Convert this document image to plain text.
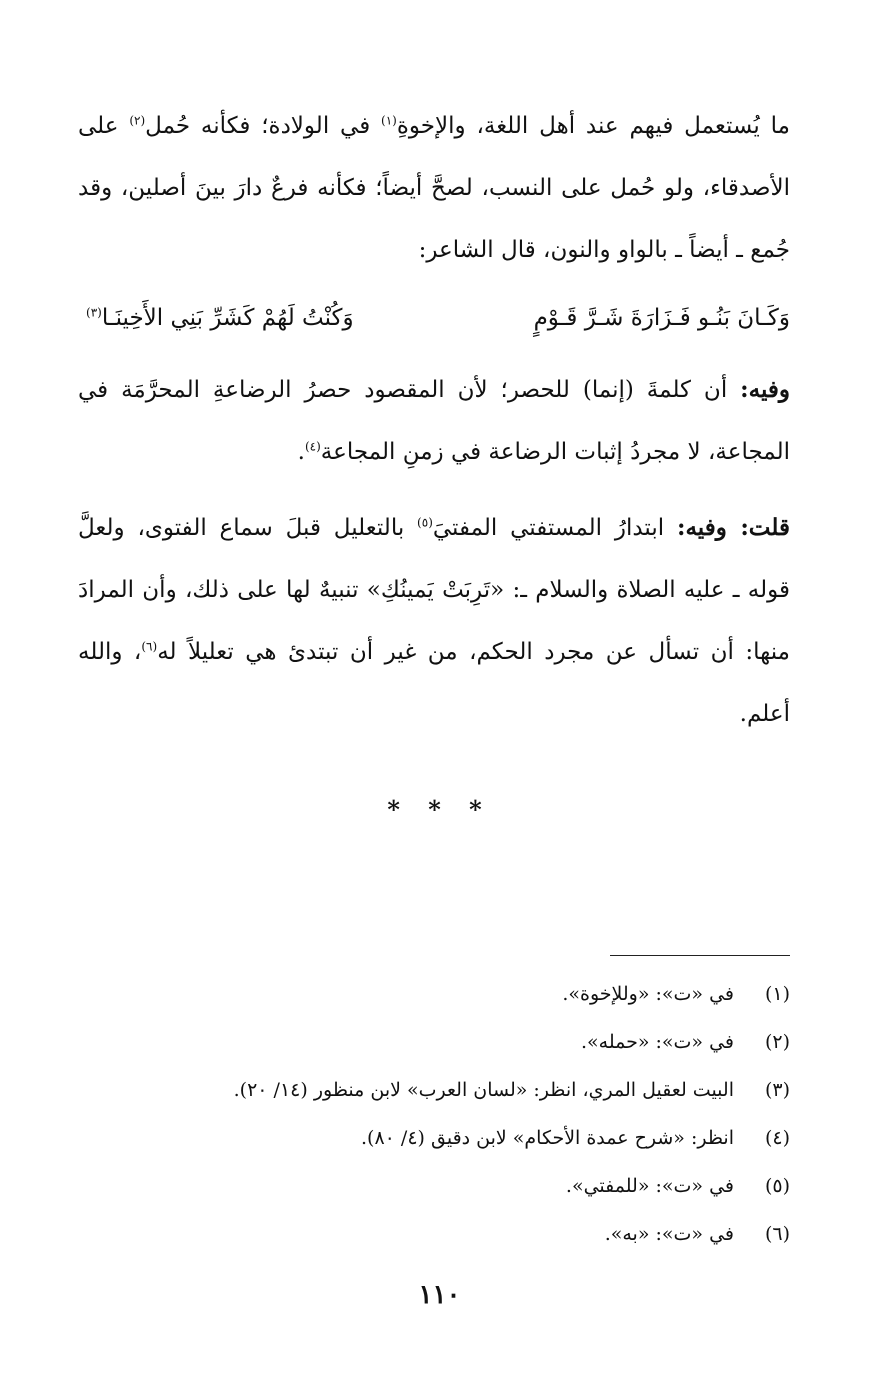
ما يُستعمل فيهم عند أهل اللغة، والإخوةِ$^{(١)}$ في الولادة؛ فكأنه حُمل$^{(٢)}$ على الأصدقاء، ولو حُمل على النسب، لصحَّ أيضاً؛ فكأنه فرعٌ دارَ بينَ أصلين، وقد جُمع ـ أيضاً ـ بالواو والنون، قال الشاعر:

وَكَـانَ بَنُـو فَـزَارَةَ شَـرَّ قَـوْمٍ
وَكُنْتُ لَهُمْ كَشَرِّ بَنِي الأَخِينَـا$^{(٣)}$

وفيه: أن كلمةَ (إنما) للحصر؛ لأن المقصود حصرُ الرضاعةِ المحرَّمَة في المجاعة، لا مجردُ إثبات الرضاعة في زمنِ المجاعة$^{(٤)}$.

قلت: وفيه: ابتدارُ المستفتي المفتيَ$^{(٥)}$ بالتعليل قبلَ سماع الفتوى، ولعلَّ قوله ـ عليه الصلاة والسلام ـ: «تَرِبَتْ يَمينُكِ» تنبيهٌ لها على ذلك، وأن المرادَ منها: أن تسأل عن مجرد الحكم، من غير أن تبتدئ هي تعليلاً له$^{(٦)}$، والله أعلم.

* * *
(١)
في «ت»: «وللإخوة».
(٢)
في «ت»: «حمله».
(٣)
البيت لعقيل المري، انظر: «لسان العرب» لابن منظور (١٤/ ٢٠).
(٤)
انظر: «شرح عمدة الأحكام» لابن دقيق (٤/ ٨٠).
(٥)
في «ت»: «للمفتي».
(٦)
في «ت»: «به».
١١٠
